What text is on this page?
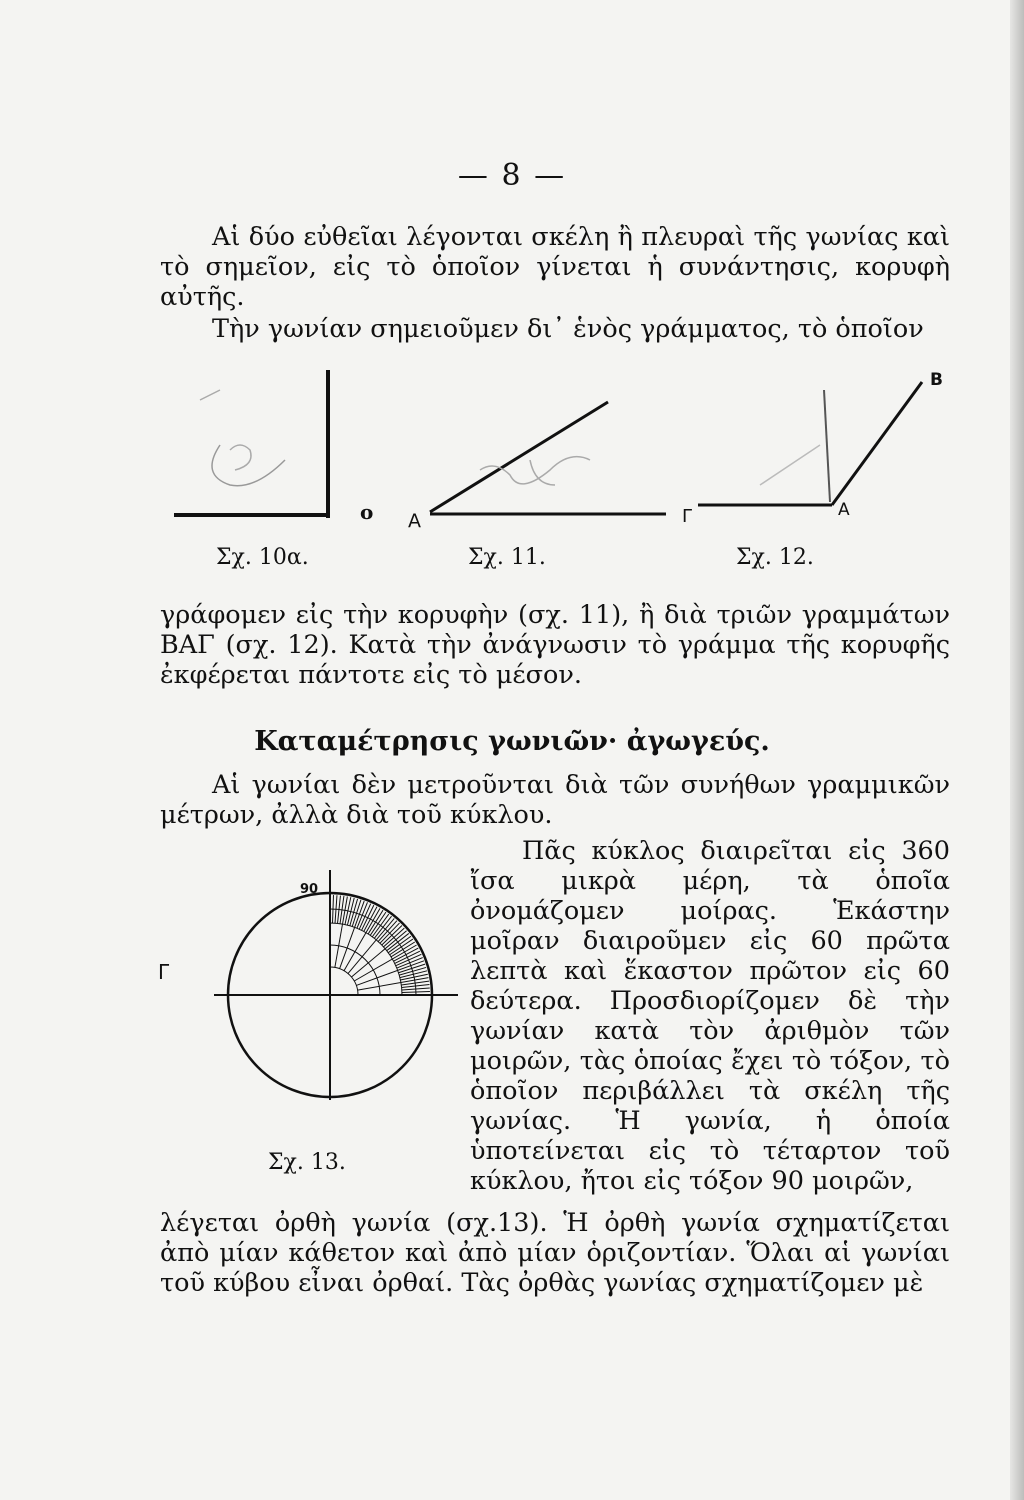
— 8 —

Αἱ δύο εὐθεῖαι λέγονται σκέλη ἢ πλευραὶ τῆς γωνίας καὶ τὸ σημεῖον, εἰς τὸ ὁποῖον γίνεται ἡ συνάντησις, κορυφὴ αὐτῆς.

Τὴν γωνίαν σημειοῦμεν δι᾽ ἑνὸς γράμματος, τὸ ὁποῖον

ο
Σχ. 10α.
Α
Σχ. 11.
Β
Α
Γ
Σχ. 12.

γράφομεν εἰς τὴν κορυφὴν (σχ. 11), ἢ διὰ τριῶν γραμμάτων ΒΑΓ (σχ. 12). Κατὰ τὴν ἀνάγνωσιν τὸ γράμμα τῆς κορυφῆς ἐκφέρεται πάντοτε εἰς τὸ μέσον.

Καταμέτρησις γωνιῶν· ἀγωγεύς.

Αἱ γωνίαι δὲν μετροῦνται διὰ τῶν συνήθων γραμμικῶν μέτρων, ἀλλὰ διὰ τοῦ κύκλου.

90
Γ
Σχ. 13.

Πᾶς κύκλος διαιρεῖται εἰς 360 ἴσα μικρὰ μέρη, τὰ ὁποῖα ὀνομάζομεν μοίρας. Ἑκάστην μοῖραν διαιροῦμεν εἰς 60 πρῶτα λεπτὰ καὶ ἕκαστον πρῶτον εἰς 60 δεύτερα. Προσδιορίζομεν δὲ τὴν γωνίαν κατὰ τὸν ἀριθμὸν τῶν μοιρῶν, τὰς ὁποίας ἔχει τὸ τόξον, τὸ ὁποῖον περιβάλλει τὰ σκέλη τῆς γωνίας. Ἡ γωνία, ἡ ὁποία ὑποτείνεται εἰς τὸ τέταρτον τοῦ κύκλου, ἤτοι εἰς τόξον 90 μοιρῶν,

λέγεται ὀρθὴ γωνία (σχ.13). Ἡ ὀρθὴ γωνία σχηματίζεται ἀπὸ μίαν κάθετον καὶ ἀπὸ μίαν ὁριζοντίαν. Ὅλαι αἱ γωνίαι τοῦ κύβου εἶναι ὀρθαί. Τὰς ὀρθὰς γωνίας σχηματίζομεν μὲ
